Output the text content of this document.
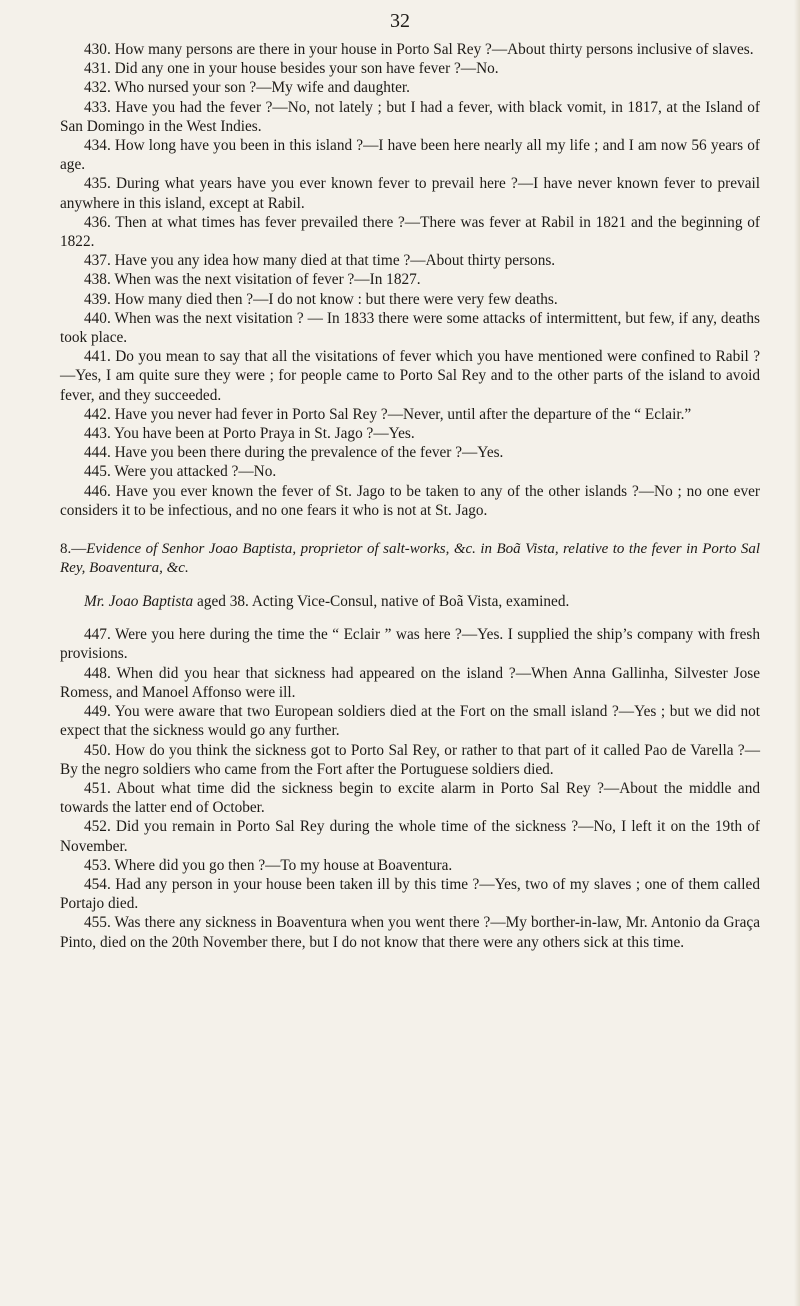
32

430. How many persons are there in your house in Porto Sal Rey ?—About thirty persons inclusive of slaves.

431. Did any one in your house besides your son have fever ?—No.

432. Who nursed your son ?—My wife and daughter.

433. Have you had the fever ?—No, not lately ; but I had a fever, with black vomit, in 1817, at the Island of San Domingo in the West Indies.

434. How long have you been in this island ?—I have been here nearly all my life ; and I am now 56 years of age.

435. During what years have you ever known fever to prevail here ?—I have never known fever to prevail anywhere in this island, except at Rabil.

436. Then at what times has fever prevailed there ?—There was fever at Rabil in 1821 and the beginning of 1822.

437. Have you any idea how many died at that time ?—About thirty persons.

438. When was the next visitation of fever ?—In 1827.

439. How many died then ?—I do not know : but there were very few deaths.

440. When was the next visitation ? — In 1833 there were some attacks of intermittent, but few, if any, deaths took place.

441. Do you mean to say that all the visitations of fever which you have mentioned were confined to Rabil ?—Yes, I am quite sure they were ; for people came to Porto Sal Rey and to the other parts of the island to avoid fever, and they succeeded.

442. Have you never had fever in Porto Sal Rey ?—Never, until after the departure of the “ Eclair.”

443. You have been at Porto Praya in St. Jago ?—Yes.

444. Have you been there during the prevalence of the fever ?—Yes.

445. Were you attacked ?—No.

446. Have you ever known the fever of St. Jago to be taken to any of the other islands ?—No ; no one ever considers it to be infectious, and no one fears it who is not at St. Jago.

8.—Evidence of Senhor Joao Baptista, proprietor of salt-works, &c. in Boã Vista, relative to the fever in Porto Sal Rey, Boaventura, &c.

Mr. Joao Baptista aged 38. Acting Vice-Consul, native of Boã Vista, examined.

447. Were you here during the time the “ Eclair ” was here ?—Yes. I supplied the ship’s company with fresh provisions.

448. When did you hear that sickness had appeared on the island ?—When Anna Gallinha, Silvester Jose Romess, and Manoel Affonso were ill.

449. You were aware that two European soldiers died at the Fort on the small island ?—Yes ; but we did not expect that the sickness would go any further.

450. How do you think the sickness got to Porto Sal Rey, or rather to that part of it called Pao de Varella ?—By the negro soldiers who came from the Fort after the Portuguese soldiers died.

451. About what time did the sickness begin to excite alarm in Porto Sal Rey ?—About the middle and towards the latter end of October.

452. Did you remain in Porto Sal Rey during the whole time of the sickness ?—No, I left it on the 19th of November.

453. Where did you go then ?—To my house at Boaventura.

454. Had any person in your house been taken ill by this time ?—Yes, two of my slaves ; one of them called Portajo died.

455. Was there any sickness in Boaventura when you went there ?—My borther-in-law, Mr. Antonio da Graça Pinto, died on the 20th November there, but I do not know that there were any others sick at this time.
